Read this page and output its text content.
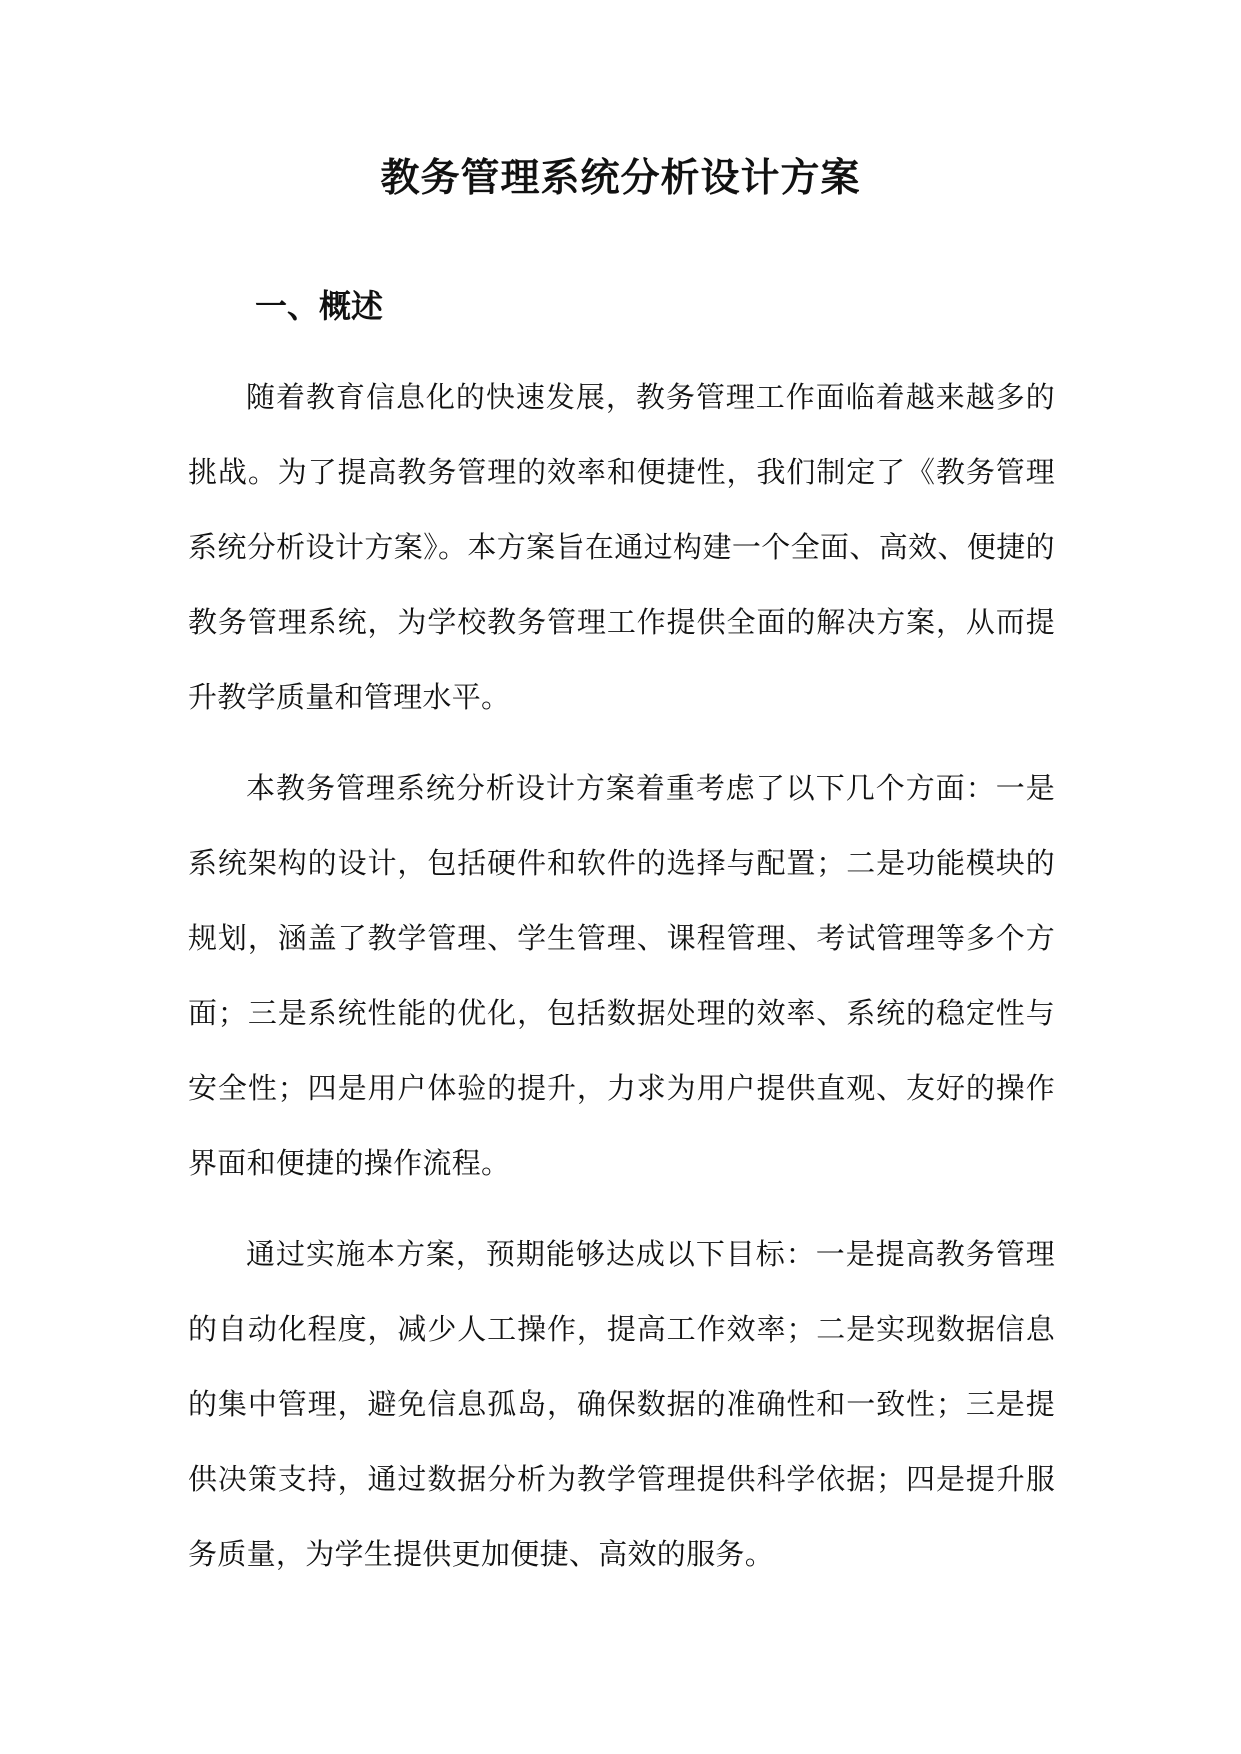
教务管理系统分析设计方案
一、概述

随着教育信息化的快速发展，教务管理工作面临着越来越多的挑战。为了提高教务管理的效率和便捷性，我们制定了《教务管理系统分析设计方案》。本方案旨在通过构建一个全面、高效、便捷的教务管理系统，为学校教务管理工作提供全面的解决方案，从而提升教学质量和管理水平。

本教务管理系统分析设计方案着重考虑了以下几个方面：一是系统架构的设计，包括硬件和软件的选择与配置；二是功能模块的规划，涵盖了教学管理、学生管理、课程管理、考试管理等多个方面；三是系统性能的优化，包括数据处理的效率、系统的稳定性与安全性；四是用户体验的提升，力求为用户提供直观、友好的操作界面和便捷的操作流程。

通过实施本方案，预期能够达成以下目标：一是提高教务管理的自动化程度，减少人工操作，提高工作效率；二是实现数据信息的集中管理，避免信息孤岛，确保数据的准确性和一致性；三是提供决策支持，通过数据分析为教学管理提供科学依据；四是提升服务质量，为学生提供更加便捷、高效的服务。
